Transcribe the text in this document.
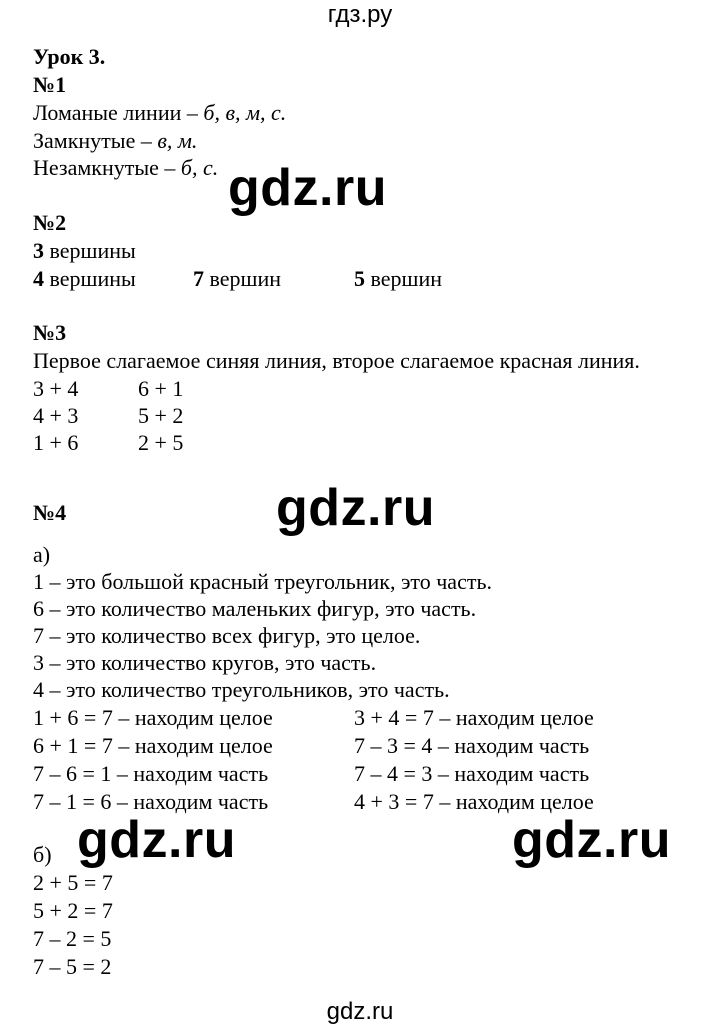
гдз.ру
Урок 3.
№1
Ломаные линии – б, в, м, с.
Замкнутые – в, м.
Незамкнутые – б, с.
№2
3 вершины
4 вершины	7 вершин	5 вершин
№3
Первое слагаемое синяя линия, второе слагаемое красная линия.
3 + 4	6 + 1
4 + 3	5 + 2
1 + 6	2 + 5
№4
а)
1 – это большой красный треугольник, это часть.
6 – это количество маленьких фигур, это часть.
7 – это количество всех фигур, это целое.
3 – это количество кругов, это часть.
4 – это количество треугольников, это часть.
1 + 6 = 7 – находим целое	3 + 4 = 7 – находим целое
6 + 1 = 7 – находим целое	7 – 3 = 4 – находим часть
7 – 6 = 1 – находим часть	7 – 4 = 3 – находим часть
7 – 1 = 6 – находим часть	4 + 3 = 7 – находим целое
б)
2 + 5 = 7
5 + 2 = 7
7 – 2 = 5
7 – 5 = 2
gdz.ru
gdz.ru
gdz.ru	gdz.ru
gdz.ru
